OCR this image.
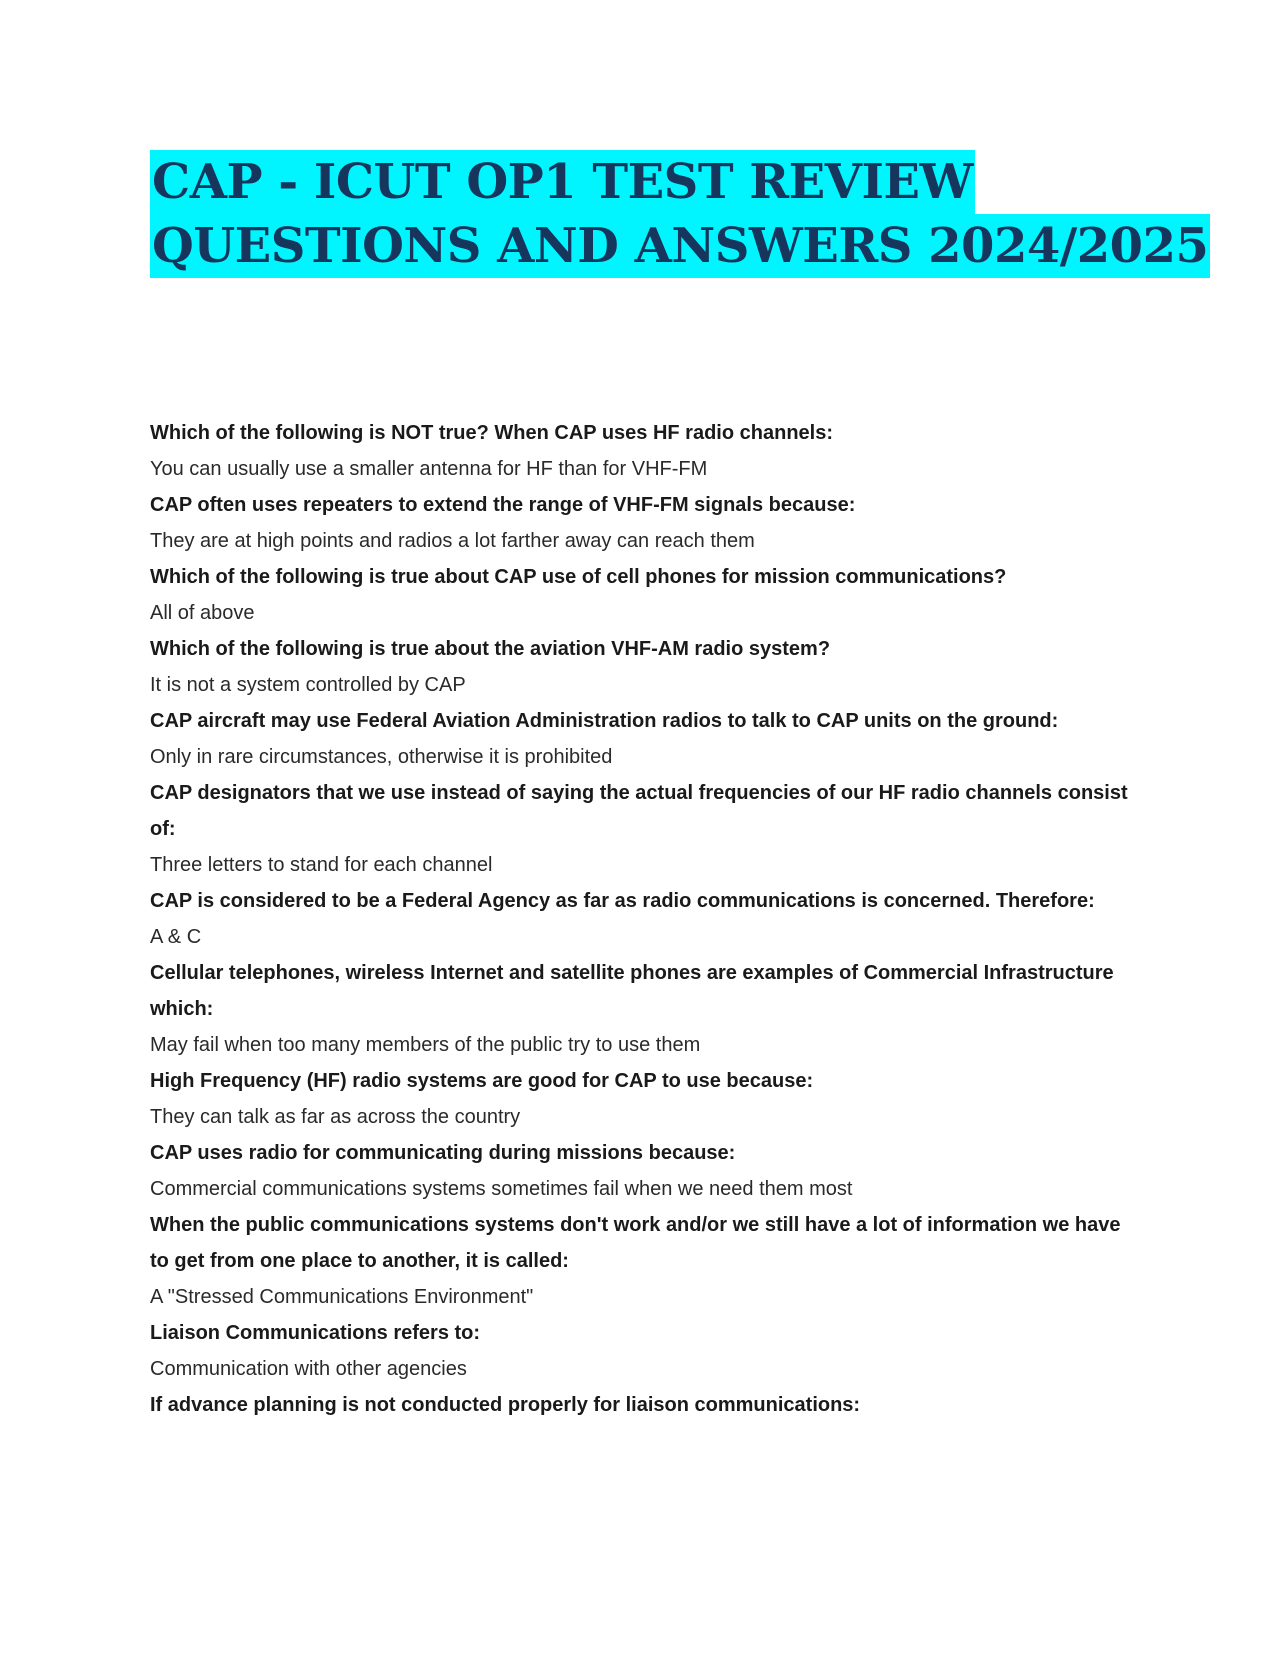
CAP - ICUT OP1 TEST REVIEW
QUESTIONS AND ANSWERS 2024/2025
Which of the following is NOT true? When CAP uses HF radio channels:
You can usually use a smaller antenna for HF than for VHF-FM
CAP often uses repeaters to extend the range of VHF-FM signals because:
They are at high points and radios a lot farther away can reach them
Which of the following is true about CAP use of cell phones for mission communications?
All of above
Which of the following is true about the aviation VHF-AM radio system?
It is not a system controlled by CAP
CAP aircraft may use Federal Aviation Administration radios to talk to CAP units on the ground:
Only in rare circumstances, otherwise it is prohibited
CAP designators that we use instead of saying the actual frequencies of our HF radio channels consist of:
Three letters to stand for each channel
CAP is considered to be a Federal Agency as far as radio communications is concerned. Therefore:
A & C
Cellular telephones, wireless Internet and satellite phones are examples of Commercial Infrastructure which:
May fail when too many members of the public try to use them
High Frequency (HF) radio systems are good for CAP to use because:
They can talk as far as across the country
CAP uses radio for communicating during missions because:
Commercial communications systems sometimes fail when we need them most
When the public communications systems don't work and/or we still have a lot of information we have to get from one place to another, it is called:
A "Stressed Communications Environment"
Liaison Communications refers to:
Communication with other agencies
If advance planning is not conducted properly for liaison communications:
